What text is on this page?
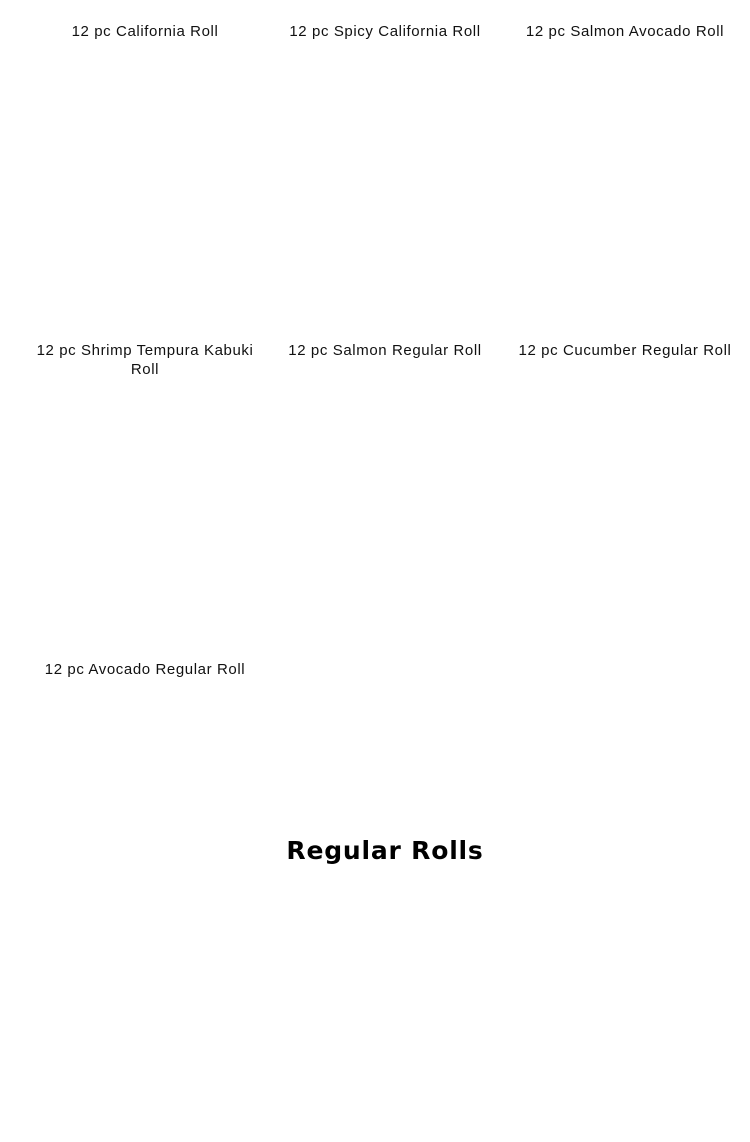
12 pc California Roll	12 pc Spicy California Roll	12 pc Salmon Avocado Roll
12 pc Shrimp Tempura Kabuki Roll
12 pc Salmon Regular Roll	12 pc Cucumber Regular Roll
12 pc Avocado Regular Roll
Regular Rolls
